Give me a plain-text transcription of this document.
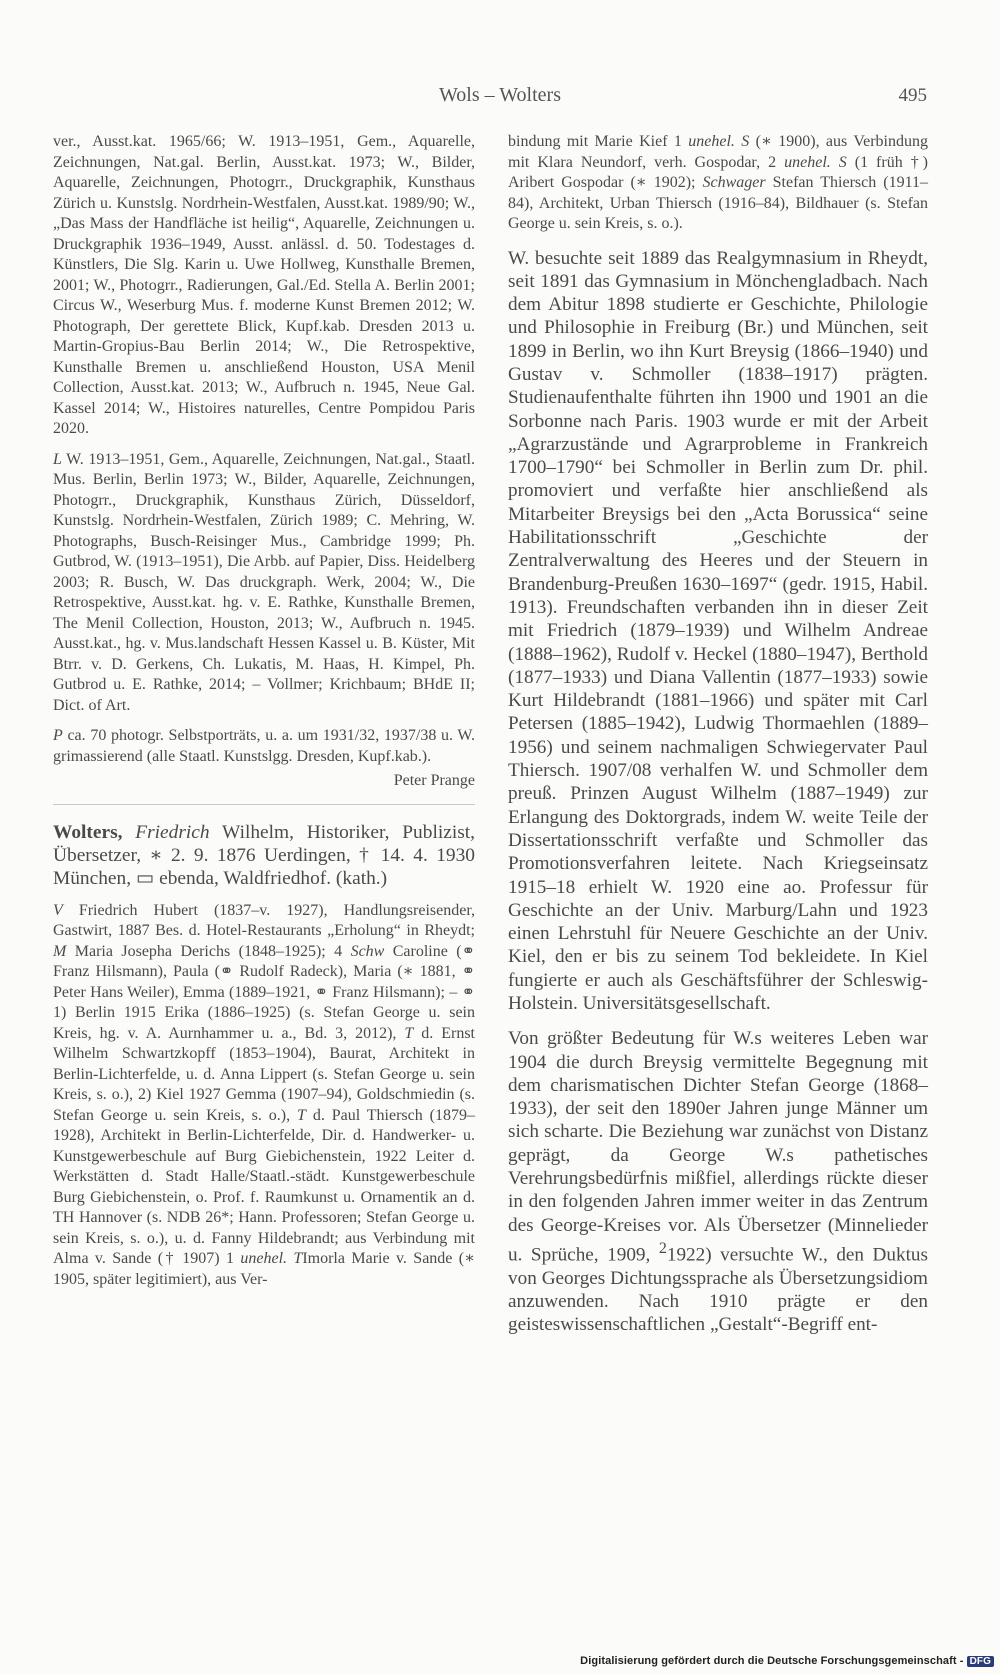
Wols – Wolters	495

ver., Ausst.kat. 1965/66; W. 1913–1951, Gem., Aquarelle, Zeichnungen, Nat.gal. Berlin, Ausst.kat. 1973; W., Bilder, Aquarelle, Zeichnungen, Photogrr., Druckgraphik, Kunsthaus Zürich u. Kunstslg. Nordrhein-Westfalen, Ausst.kat. 1989/90; W., „Das Mass der Handfläche ist heilig“, Aquarelle, Zeichnungen u. Druckgraphik 1936–1949, Ausst. anlässl. d. 50. Todestages d. Künstlers, Die Slg. Karin u. Uwe Hollweg, Kunsthalle Bremen, 2001; W., Photogrr., Radierungen, Gal./Ed. Stella A. Berlin 2001; Circus W., Weserburg Mus. f. moderne Kunst Bremen 2012; W. Photograph, Der gerettete Blick, Kupf.kab. Dresden 2013 u. Martin-Gropius-Bau Berlin 2014; W., Die Retrospektive, Kunsthalle Bremen u. anschließend Houston, USA Menil Collection, Ausst.kat. 2013; W., Aufbruch n. 1945, Neue Gal. Kassel 2014; W., Histoires naturelles, Centre Pompidou Paris 2020.

L W. 1913–1951, Gem., Aquarelle, Zeichnungen, Nat.gal., Staatl. Mus. Berlin, Berlin 1973; W., Bilder, Aquarelle, Zeichnungen, Photogrr., Druckgraphik, Kunsthaus Zürich, Düsseldorf, Kunstslg. Nordrhein-Westfalen, Zürich 1989; C. Mehring, W. Photographs, Busch-Reisinger Mus., Cambridge 1999; Ph. Gutbrod, W. (1913–1951), Die Arbb. auf Papier, Diss. Heidelberg 2003; R. Busch, W. Das druckgraph. Werk, 2004; W., Die Retrospektive, Ausst.kat. hg. v. E. Rathke, Kunsthalle Bremen, The Menil Collection, Houston, 2013; W., Aufbruch n. 1945. Ausst.kat., hg. v. Mus.landschaft Hessen Kassel u. B. Küster, Mit Btrr. v. D. Gerkens, Ch. Lukatis, M. Haas, H. Kimpel, Ph. Gutbrod u. E. Rathke, 2014; – Vollmer; Krichbaum; BHdE II; Dict. of Art.

P ca. 70 photogr. Selbstporträts, u. a. um 1931/32, 1937/38 u. W. grimassierend (alle Staatl. Kunstslgg. Dresden, Kupf.kab.).

Peter Prange

Wolters, Friedrich Wilhelm, Historiker, Publizist, Übersetzer, ∗ 2. 9. 1876 Uerdingen, † 14. 4. 1930 München, ▭ ebenda, Waldfriedhof. (kath.)

V Friedrich Hubert (1837–v. 1927), Handlungsreisender, Gastwirt, 1887 Bes. d. Hotel-Restaurants „Erholung“ in Rheydt; M Maria Josepha Derichs (1848–1925); 4 Schw Caroline (⚭ Franz Hilsmann), Paula (⚭ Rudolf Radeck), Maria (∗ 1881, ⚭ Peter Hans Weiler), Emma (1889–1921, ⚭ Franz Hilsmann); – ⚭ 1) Berlin 1915 Erika (1886–1925) (s. Stefan George u. sein Kreis, hg. v. A. Aurnhammer u. a., Bd. 3, 2012), T d. Ernst Wilhelm Schwartzkopff (1853–1904), Baurat, Architekt in Berlin-Lichterfelde, u. d. Anna Lippert (s. Stefan George u. sein Kreis, s. o.), 2) Kiel 1927 Gemma (1907–94), Goldschmiedin (s. Stefan George u. sein Kreis, s. o.), T d. Paul Thiersch (1879–1928), Architekt in Berlin-Lichterfelde, Dir. d. Handwerker- u. Kunstgewerbeschule auf Burg Giebichenstein, 1922 Leiter d. Werkstätten d. Stadt Halle/Staatl.-städt. Kunstgewerbeschule Burg Giebichenstein, o. Prof. f. Raumkunst u. Ornamentik an d. TH Hannover (s. NDB 26*; Hann. Professoren; Stefan George u. sein Kreis, s. o.), u. d. Fanny Hildebrandt; aus Verbindung mit Alma v. Sande († 1907) 1 unehel. TImorla Marie v. Sande (∗ 1905, später legitimiert), aus Ver-

bindung mit Marie Kief 1 unehel. S (∗ 1900), aus Verbindung mit Klara Neundorf, verh. Gospodar, 2 unehel. S (1 früh †) Aribert Gospodar (∗ 1902); Schwager Stefan Thiersch (1911–84), Architekt, Urban Thiersch (1916–84), Bildhauer (s. Stefan George u. sein Kreis, s. o.).

W. besuchte seit 1889 das Realgymnasium in Rheydt, seit 1891 das Gymnasium in Mönchengladbach. Nach dem Abitur 1898 studierte er Geschichte, Philologie und Philosophie in Freiburg (Br.) und München, seit 1899 in Berlin, wo ihn Kurt Breysig (1866–1940) und Gustav v. Schmoller (1838–1917) prägten. Studienaufenthalte führten ihn 1900 und 1901 an die Sorbonne nach Paris. 1903 wurde er mit der Arbeit „Agrarzustände und Agrarprobleme in Frankreich 1700–1790“ bei Schmoller in Berlin zum Dr. phil. promoviert und verfaßte hier anschließend als Mitarbeiter Breysigs bei den „Acta Borussica“ seine Habilitationsschrift „Geschichte der Zentralverwaltung des Heeres und der Steuern in Brandenburg-Preußen 1630–1697“ (gedr. 1915, Habil. 1913). Freundschaften verbanden ihn in dieser Zeit mit Friedrich (1879–1939) und Wilhelm Andreae (1888–1962), Rudolf v. Heckel (1880–1947), Berthold (1877–1933) und Diana Vallentin (1877–1933) sowie Kurt Hildebrandt (1881–1966) und später mit Carl Petersen (1885–1942), Ludwig Thormaehlen (1889–1956) und seinem nachmaligen Schwiegervater Paul Thiersch. 1907/08 verhalfen W. und Schmoller dem preuß. Prinzen August Wilhelm (1887–1949) zur Erlangung des Doktorgrads, indem W. weite Teile der Dissertationsschrift verfaßte und Schmoller das Promotionsverfahren leitete. Nach Kriegseinsatz 1915–18 erhielt W. 1920 eine ao. Professur für Geschichte an der Univ. Marburg/Lahn und 1923 einen Lehrstuhl für Neuere Geschichte an der Univ. Kiel, den er bis zu seinem Tod bekleidete. In Kiel fungierte er auch als Geschäftsführer der Schleswig-Holstein. Universitätsgesellschaft.

Von größter Bedeutung für W.s weiteres Leben war 1904 die durch Breysig vermittelte Begegnung mit dem charismatischen Dichter Stefan George (1868–1933), der seit den 1890er Jahren junge Männer um sich scharte. Die Beziehung war zunächst von Distanz geprägt, da George W.s pathetisches Verehrungsbedürfnis mißfiel, allerdings rückte dieser in den folgenden Jahren immer weiter in das Zentrum des George-Kreises vor. Als Übersetzer (Minnelieder u. Sprüche, 1909, $^2$1922) versuchte W., den Duktus von Georges Dichtungssprache als Übersetzungsidiom anzuwenden. Nach 1910 prägte er den geisteswissenschaftlichen „Gestalt“-Begriff ent-

Digitalisierung gefördert durch die Deutsche Forschungsgemeinschaft - DFG
